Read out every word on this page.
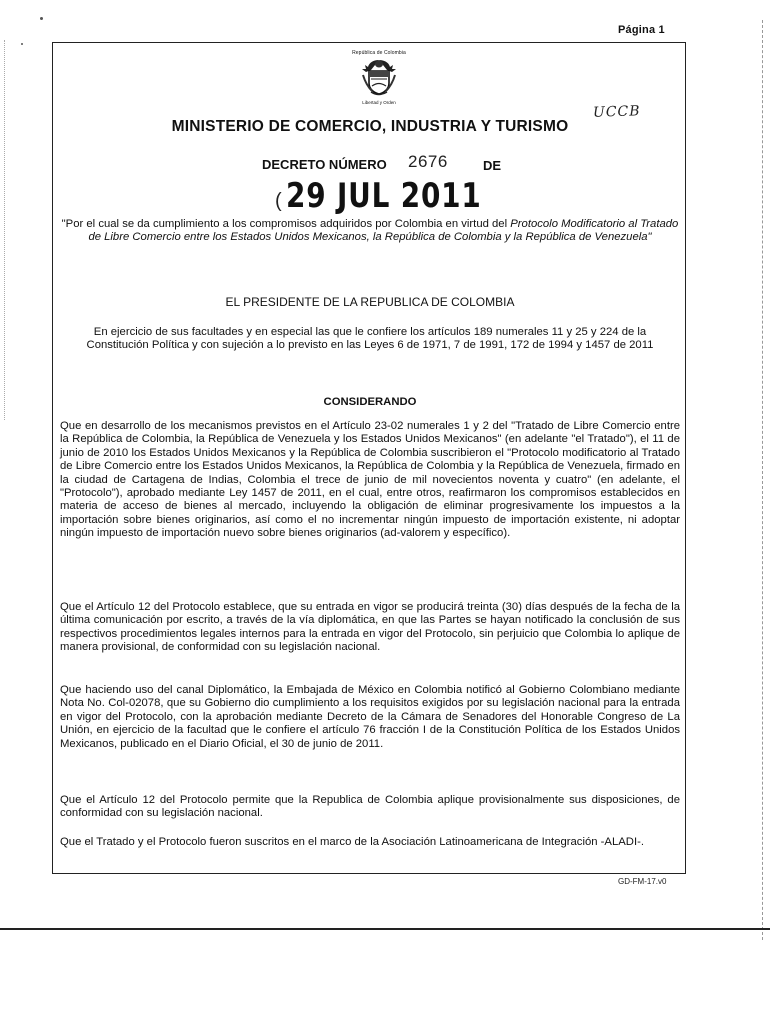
Página 1
República de Colombia
Libertad y Orden
UCCB
MINISTERIO DE COMERCIO, INDUSTRIA Y TURISMO
DECRETO NÚMERO 2676	DE
( 29 JUL 2011

"Por el cual se da cumplimiento a los compromisos adquiridos por Colombia en virtud del Protocolo Modificatorio al Tratado de Libre Comercio entre los Estados Unidos Mexicanos, la República de Colombia y la República de Venezuela"

EL PRESIDENTE DE LA REPUBLICA DE COLOMBIA
En ejercicio de sus facultades y en especial las que le confiere los artículos 189 numerales 11 y 25 y 224 de la Constitución Política y con sujeción a lo previsto en las Leyes 6 de 1971, 7 de 1991, 172 de 1994 y 1457 de 2011
CONSIDERANDO
Que en desarrollo de los mecanismos previstos en el Artículo 23-02 numerales 1 y 2 del "Tratado de Libre Comercio entre la República de Colombia, la República de Venezuela y los Estados Unidos Mexicanos" (en adelante "el Tratado"), el 11 de junio de 2010 los Estados Unidos Mexicanos y la República de Colombia suscribieron el "Protocolo modificatorio al Tratado de Libre Comercio entre los Estados Unidos Mexicanos, la República de Colombia y la República de Venezuela, firmado en la ciudad de Cartagena de Indias, Colombia el trece de junio de mil novecientos noventa y cuatro" (en adelante, el "Protocolo"), aprobado mediante Ley 1457 de 2011, en el cual, entre otros, reafirmaron los compromisos establecidos en materia de acceso de bienes al mercado, incluyendo la obligación de eliminar progresivamente los impuestos a la importación sobre bienes originarios, así como el no incrementar ningún impuesto de importación existente, ni adoptar ningún impuesto de importación nuevo sobre bienes originarios (ad-valorem y específico).
Que el Artículo 12 del Protocolo establece, que su entrada en vigor se producirá treinta (30) días después de la fecha de la última comunicación por escrito, a través de la vía diplomática, en que las Partes se hayan notificado la conclusión de sus respectivos procedimientos legales internos para la entrada en vigor del Protocolo, sin perjuicio que Colombia lo aplique de manera provisional, de conformidad con su legislación nacional.
Que haciendo uso del canal Diplomático, la Embajada de México en Colombia notificó al Gobierno Colombiano mediante Nota No. Col-02078, que su Gobierno dio cumplimiento a los requisitos exigidos por su legislación nacional para la entrada en vigor del Protocolo, con la aprobación mediante Decreto de la Cámara de Senadores del Honorable Congreso de La Unión, en ejercicio de la facultad que le confiere el artículo 76 fracción I de la Constitución Política de los Estados Unidos Mexicanos, publicado en el Diario Oficial, el 30 de junio de 2011.
Que el Artículo 12 del Protocolo permite que la Republica de Colombia aplique provisionalmente sus disposiciones, de conformidad con su legislación nacional.
Que el Tratado y el Protocolo fueron suscritos en el marco de la Asociación Latinoamericana de Integración -ALADI-.
GD-FM-17.v0
